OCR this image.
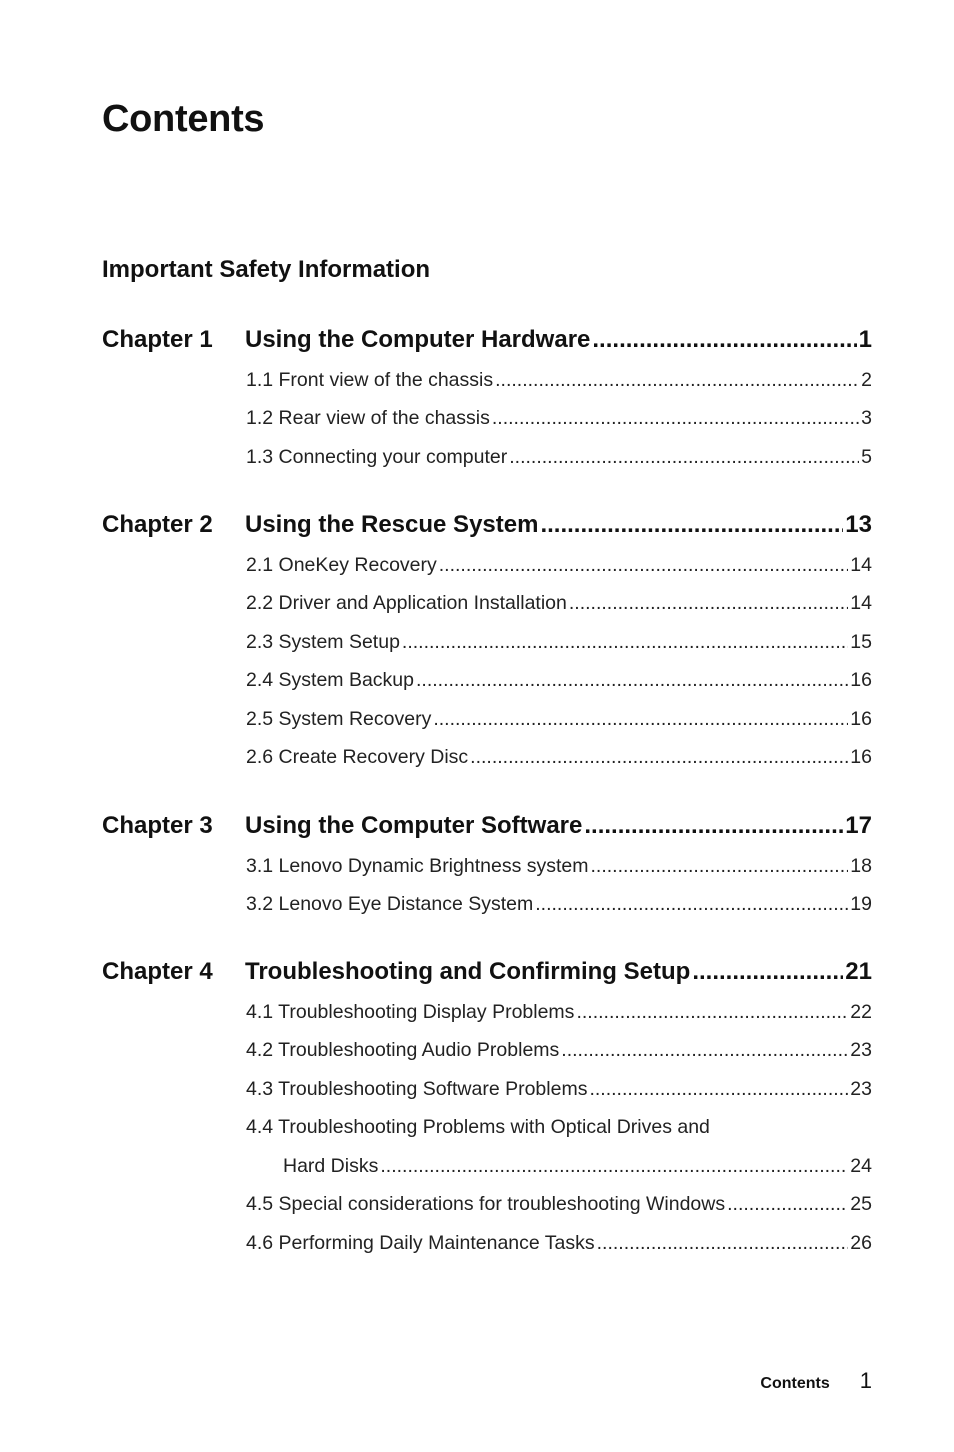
Contents
Important Safety Information
Chapter 1	Using the Computer Hardware .....	1
1.1 Front view of the chassis .....	2
1.2 Rear view of the chassis .....	3
1.3 Connecting your computer .....	5
Chapter 2	Using the Rescue System .....	13
2.1 OneKey Recovery .....	14
2.2 Driver and Application Installation .....	14
2.3 System Setup .....	15
2.4 System Backup .....	16
2.5 System Recovery .....	16
2.6 Create Recovery Disc .....	16
Chapter 3	Using the Computer Software .....	17
3.1 Lenovo Dynamic Brightness system .....	18
3.2 Lenovo Eye Distance System .....	19
Chapter 4	Troubleshooting and Confirming Setup .....	21
4.1 Troubleshooting Display Problems .....	22
4.2 Troubleshooting Audio Problems .....	23
4.3 Troubleshooting Software Problems .....	23
4.4 Troubleshooting Problems with Optical Drives and
Hard Disks .....	24
4.5 Special considerations for troubleshooting Windows .....	25
4.6 Performing Daily Maintenance Tasks .....	26
Contents 1
